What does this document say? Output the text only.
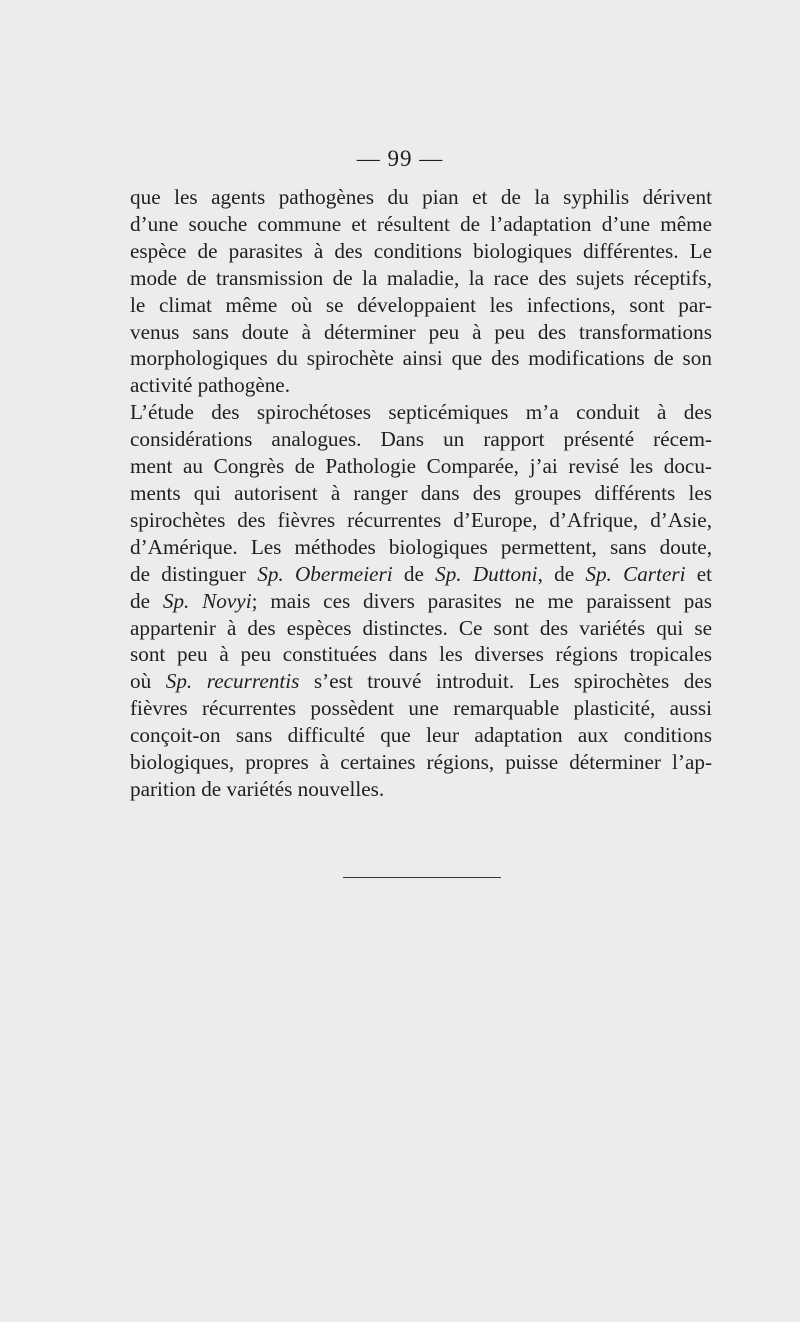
— 99 —
que les agents pathogènes du pian et de la syphilis dérivent
d’une souche commune et résultent de l’adaptation d’une même
espèce de parasites à des conditions biologiques différentes. Le
mode de transmission de la maladie, la race des sujets réceptifs,
le climat même où se développaient les infections, sont par-
venus sans doute à déterminer peu à peu des transformations
morphologiques du spirochète ainsi que des modifications de son
activité pathogène.
L’étude des spirochétoses septicémiques m’a conduit à des
considérations analogues. Dans un rapport présenté récem-
ment au Congrès de Pathologie Comparée, j’ai revisé les docu-
ments qui autorisent à ranger dans des groupes différents les
spirochètes des fièvres récurrentes d’Europe, d’Afrique, d’Asie,
d’Amérique. Les méthodes biologiques permettent, sans doute,
de distinguer Sp. Obermeieri de Sp. Duttoni, de Sp. Carteri et
de Sp. Novyi; mais ces divers parasites ne me paraissent pas
appartenir à des espèces distinctes. Ce sont des variétés qui se
sont peu à peu constituées dans les diverses régions tropicales
où Sp. recurrentis s’est trouvé introduit. Les spirochètes des
fièvres récurrentes possèdent une remarquable plasticité, aussi
conçoit-on sans difficulté que leur adaptation aux conditions
biologiques, propres à certaines régions, puisse déterminer l’ap-
parition de variétés nouvelles.
